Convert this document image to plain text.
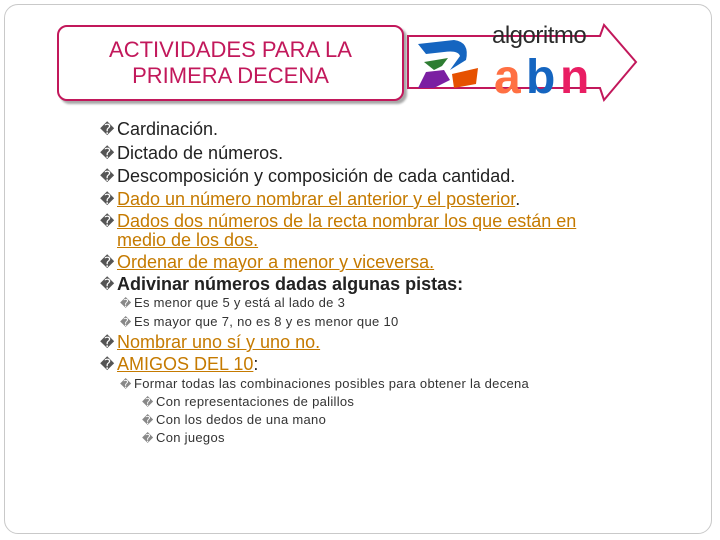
ACTIVIDADES PARA LA
PRIMERA DECENA	a b n
algoritmo
� Cardinación.
� Dictado de números.
� Descomposición y composición de cada cantidad.
� Dado un número nombrar el anterior y el posterior.
� Dados dos números de la recta nombrar los que están en
medio de los dos.
� Ordenar de mayor a menor y viceversa.
� Adivinar números dadas algunas pistas:
� Es menor que 5 y está al lado de 3
� Es mayor que 7, no es 8 y es menor que 10
� Nombrar uno sí y uno no.
� AMIGOS DEL 10:
� Formar todas las combinaciones posibles para obtener la decena
� Con representaciones de palillos
� Con los dedos de una mano
� Con juegos
